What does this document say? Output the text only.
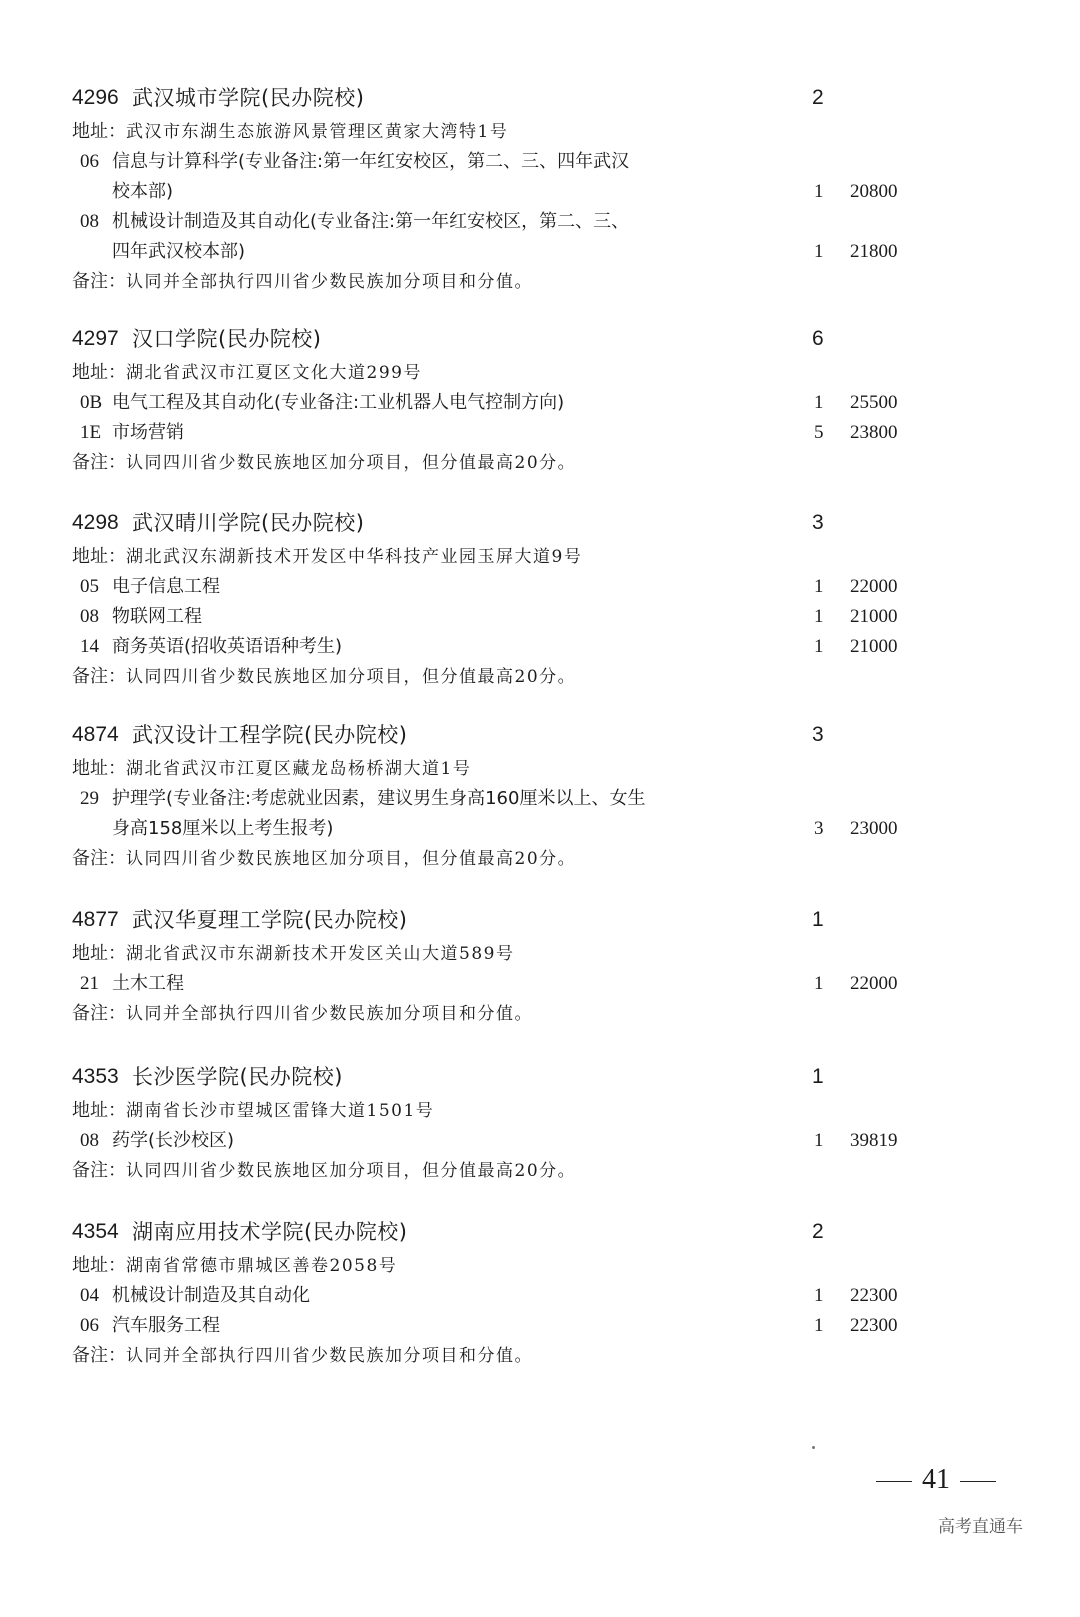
4296 武汉城市学院(民办院校)	2
地址：武汉市东湖生态旅游风景管理区黄家大湾特1号
06 信息与计算科学(专业备注:第一年红安校区，第二、三、四年武汉
校本部)	1 20800
08 机械设计制造及其自动化(专业备注:第一年红安校区，第二、三、
四年武汉校本部)	1 21800
备注：认同并全部执行四川省少数民族加分项目和分值。
4297 汉口学院(民办院校)	6
地址：湖北省武汉市江夏区文化大道299号
0B 电气工程及其自动化(专业备注:工业机器人电气控制方向)	1 25500
1E 市场营销	5 23800
备注：认同四川省少数民族地区加分项目，但分值最高20分。
4298 武汉晴川学院(民办院校)	3
地址：湖北武汉东湖新技术开发区中华科技产业园玉屏大道9号
05 电子信息工程	1 22000
08 物联网工程	1 21000
14 商务英语(招收英语语种考生)	1 21000
备注：认同四川省少数民族地区加分项目，但分值最高20分。
4874 武汉设计工程学院(民办院校)	3
地址：湖北省武汉市江夏区藏龙岛杨桥湖大道1号
29 护理学(专业备注:考虑就业因素，建议男生身高160厘米以上、女生
身高158厘米以上考生报考)	3 23000
备注：认同四川省少数民族地区加分项目，但分值最高20分。
4877 武汉华夏理工学院(民办院校)	1
地址：湖北省武汉市东湖新技术开发区关山大道589号
21 土木工程	1 22000
备注：认同并全部执行四川省少数民族加分项目和分值。
4353 长沙医学院(民办院校)	1
地址：湖南省长沙市望城区雷锋大道1501号
08 药学(长沙校区)	1 39819
备注：认同四川省少数民族地区加分项目，但分值最高20分。
4354 湖南应用技术学院(民办院校)	2
地址：湖南省常德市鼎城区善卷2058号
04 机械设计制造及其自动化	1 22300
06 汽车服务工程	1 22300
备注：认同并全部执行四川省少数民族加分项目和分值。
41
高考直通车
